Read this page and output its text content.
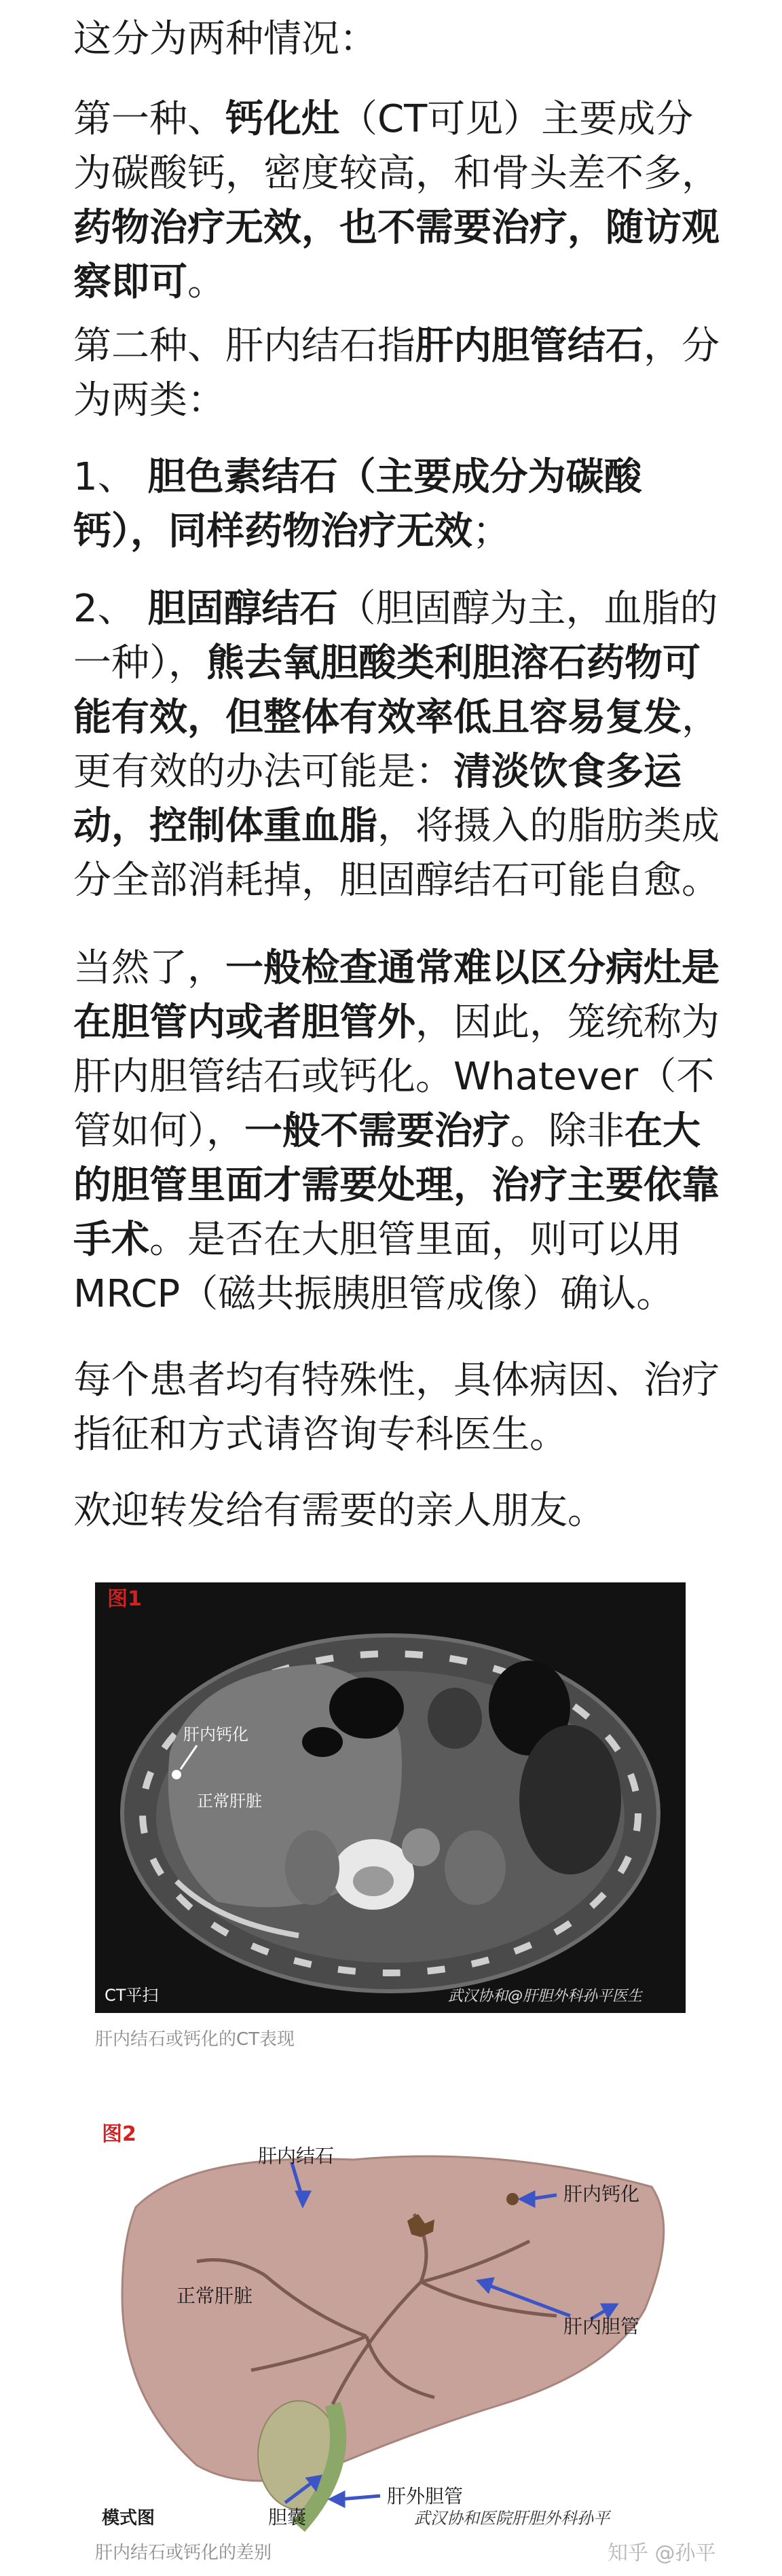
这分为两种情况：

第一种、钙化灶（CT可见）主要成分为碳酸钙，密度较高，和骨头差不多，药物治疗无效，也不需要治疗，随访观察即可。

第二种、肝内结石指肝内胆管结石，分为两类：

1、 胆色素结石（主要成分为碳酸钙），同样药物治疗无效；

2、 胆固醇结石（胆固醇为主，血脂的一种），熊去氧胆酸类利胆溶石药物可能有效，但整体有效率低且容易复发，更有效的办法可能是：清淡饮食多运动，控制体重血脂，将摄入的脂肪类成分全部消耗掉，胆固醇结石可能自愈。

当然了，一般检查通常难以区分病灶是在胆管内或者胆管外，因此，笼统称为肝内胆管结石或钙化。Whatever（不管如何），一般不需要治疗。除非在大的胆管里面才需要处理，治疗主要依靠手术。是否在大胆管里面，则可以用MRCP（磁共振胰胆管成像）确认。

每个患者均有特殊性，具体病因、治疗指征和方式请咨询专科医生。

欢迎转发给有需要的亲人朋友。

图1
肝内钙化
正常肝脏
CT平扫	武汉协和@肝胆外科孙平医生
肝内结石或钙化的CT表现
图2
肝内结石
肝内钙化
正常肝脏
肝内胆管
胆囊
肝外胆管
模式图	武汉协和医院肝胆外科孙平
肝内结石或钙化的差别	知乎 @孙平
